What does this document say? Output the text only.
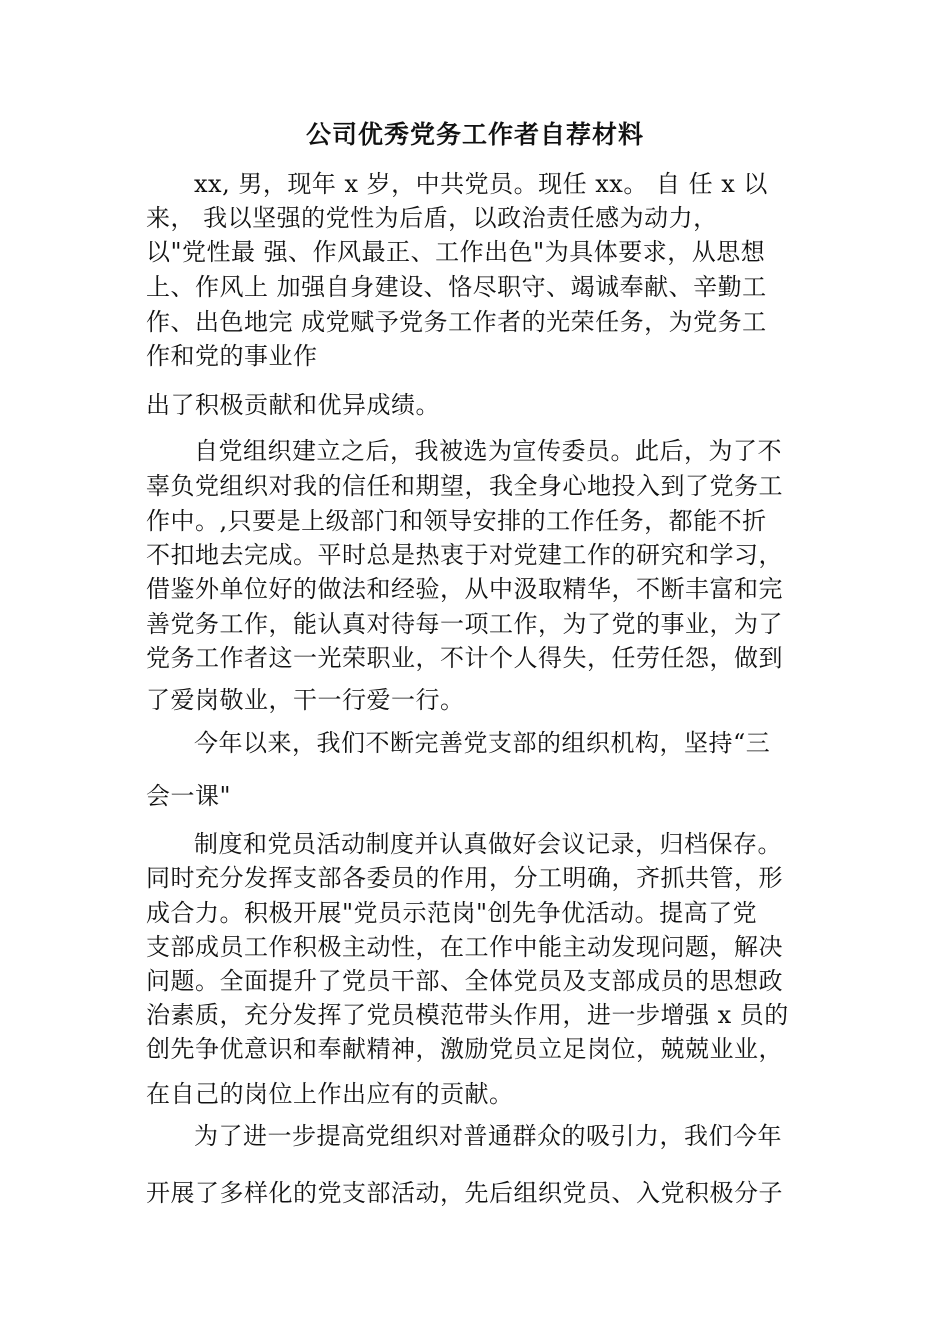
公司优秀党务工作者自荐材料

xx, 男，现年 x 岁，中共党员。现任 xx。 自 任 x 以

来， 我以坚强的党性为后盾，以政治责任感为动力，

以"党性最 强、作风最正、工作出色"为具体要求，从思想

上、作风上 加强自身建设、恪尽职守、竭诚奉献、辛勤工

作、出色地完 成党赋予党务工作者的光荣任务，为党务工

作和党的事业作

出了积极贡献和优异成绩。

自党组织建立之后，我被选为宣传委员。此后，为了不

辜负党组织对我的信任和期望，我全身心地投入到了党务工

作中。,只要是上级部门和领导安排的工作任务，都能不折

不扣地去完成。平时总是热衷于对党建工作的研究和学习，

借鉴外单位好的做法和经验，从中汲取精华，不断丰富和完

善党务工作，能认真对待每一项工作，为了党的事业，为了

党务工作者这一光荣职业，不计个人得失，任劳任怨，做到

了爱岗敬业，干一行爱一行。

今年以来，我们不断完善党支部的组织机构，坚持“三

会一课"

制度和党员活动制度并认真做好会议记录，归档保存。

同时充分发挥支部各委员的作用，分工明确，齐抓共管，形

成合力。积极开展"党员示范岗"创先争优活动。提高了党

支部成员工作积极主动性，在工作中能主动发现问题，解决

问题。全面提升了党员干部、全体党员及支部成员的思想政

治素质，充分发挥了党员模范带头作用，进一步增强 x 员的

创先争优意识和奉献精神，激励党员立足岗位，兢兢业业，

在自己的岗位上作出应有的贡献。

为了进一步提高党组织对普通群众的吸引力，我们今年

开展了多样化的党支部活动，先后组织党员、入党积极分子
